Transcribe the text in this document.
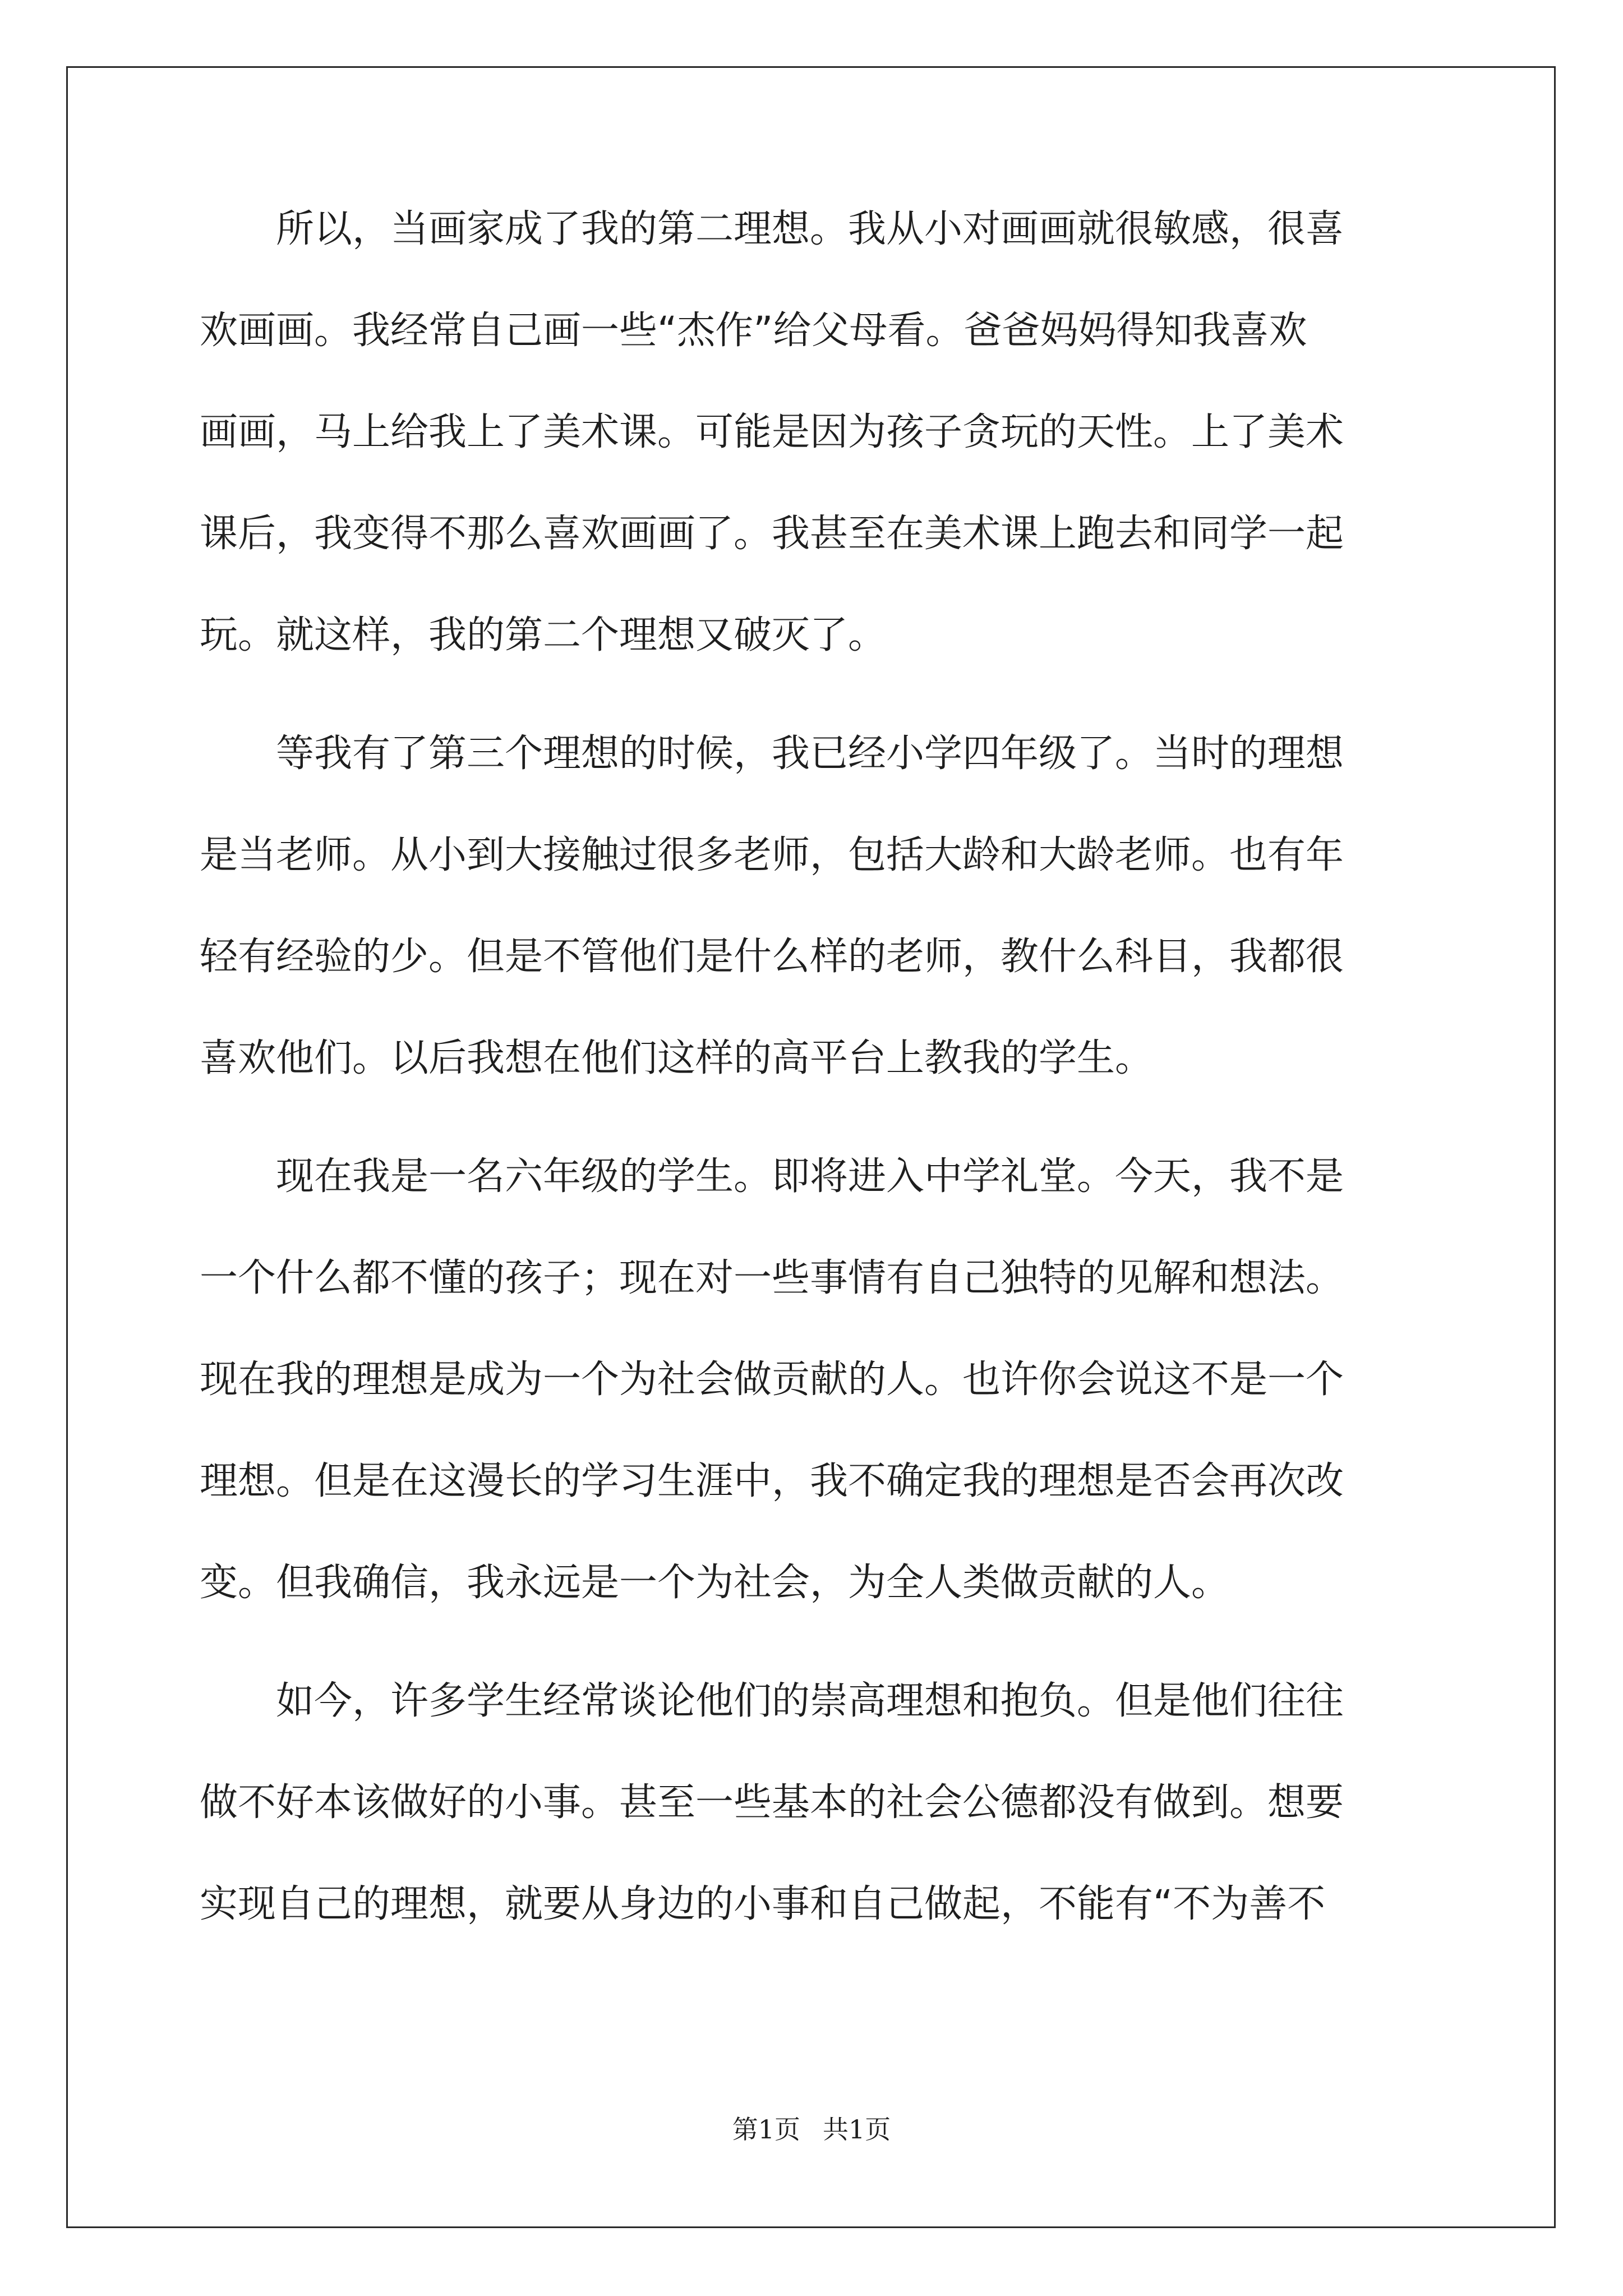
　　所以，当画家成了我的第二理想。我从小对画画就很敏感，很喜
欢画画。我经常自己画一些“杰作”给父母看。爸爸妈妈得知我喜欢
画画，马上给我上了美术课。可能是因为孩子贪玩的天性。上了美术
课后，我变得不那么喜欢画画了。我甚至在美术课上跑去和同学一起
玩。就这样，我的第二个理想又破灭了。
　　等我有了第三个理想的时候，我已经小学四年级了。当时的理想
是当老师。从小到大接触过很多老师，包括大龄和大龄老师。也有年
轻有经验的少。但是不管他们是什么样的老师，教什么科目，我都很
喜欢他们。以后我想在他们这样的高平台上教我的学生。
　　现在我是一名六年级的学生。即将进入中学礼堂。今天，我不是
一个什么都不懂的孩子；现在对一些事情有自己独特的见解和想法。
现在我的理想是成为一个为社会做贡献的人。也许你会说这不是一个
理想。但是在这漫长的学习生涯中，我不确定我的理想是否会再次改
变。但我确信，我永远是一个为社会，为全人类做贡献的人。
　　如今，许多学生经常谈论他们的崇高理想和抱负。但是他们往往
做不好本该做好的小事。甚至一些基本的社会公德都没有做到。想要
实现自己的理想，就要从身边的小事和自己做起，不能有“不为善不
第1页 共1页
